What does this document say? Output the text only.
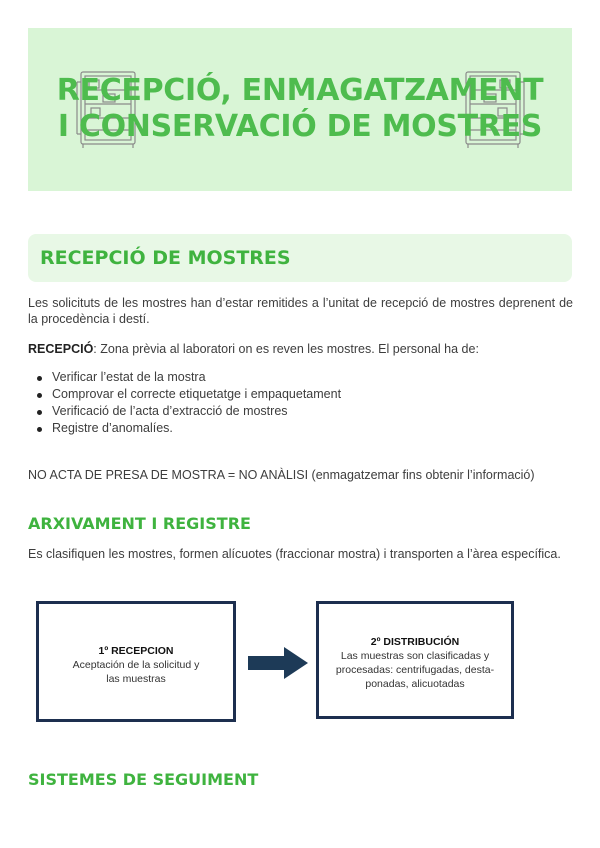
RECEPCIÓ, ENMAGATZAMENT
I CONSERVACIÓ DE MOSTRES
RECEPCIÓ DE MOSTRES
Les solicituts de les mostres han d’estar remitides a l’unitat de recepció de mostres deprenent de la procedència i destí.
RECEPCIÓ: Zona prèvia al laboratori on es reven les mostres. El personal ha de:
Verificar l’estat de la mostra
Comprovar el correcte etiquetatge i empaquetament
Verificació de l’acta d’extracció de mostres
Registre d’anomalíes.
NO ACTA DE PRESA DE MOSTRA = NO ANÀLISI (enmagatzemar fins obtenir l’informació)
ARXIVAMENT I REGISTRE
Es clasifiquen les mostres, formen alícuotes (fraccionar mostra) i transporten a l’àrea específica.
1º RECEPCION
Aceptación de la solicitud y
las muestras
2º DISTRIBUCIÓN
Las muestras son clasificadas y
procesadas: centrifugadas, desta-
ponadas, alicuotadas
SISTEMES DE SEGUIMENT
